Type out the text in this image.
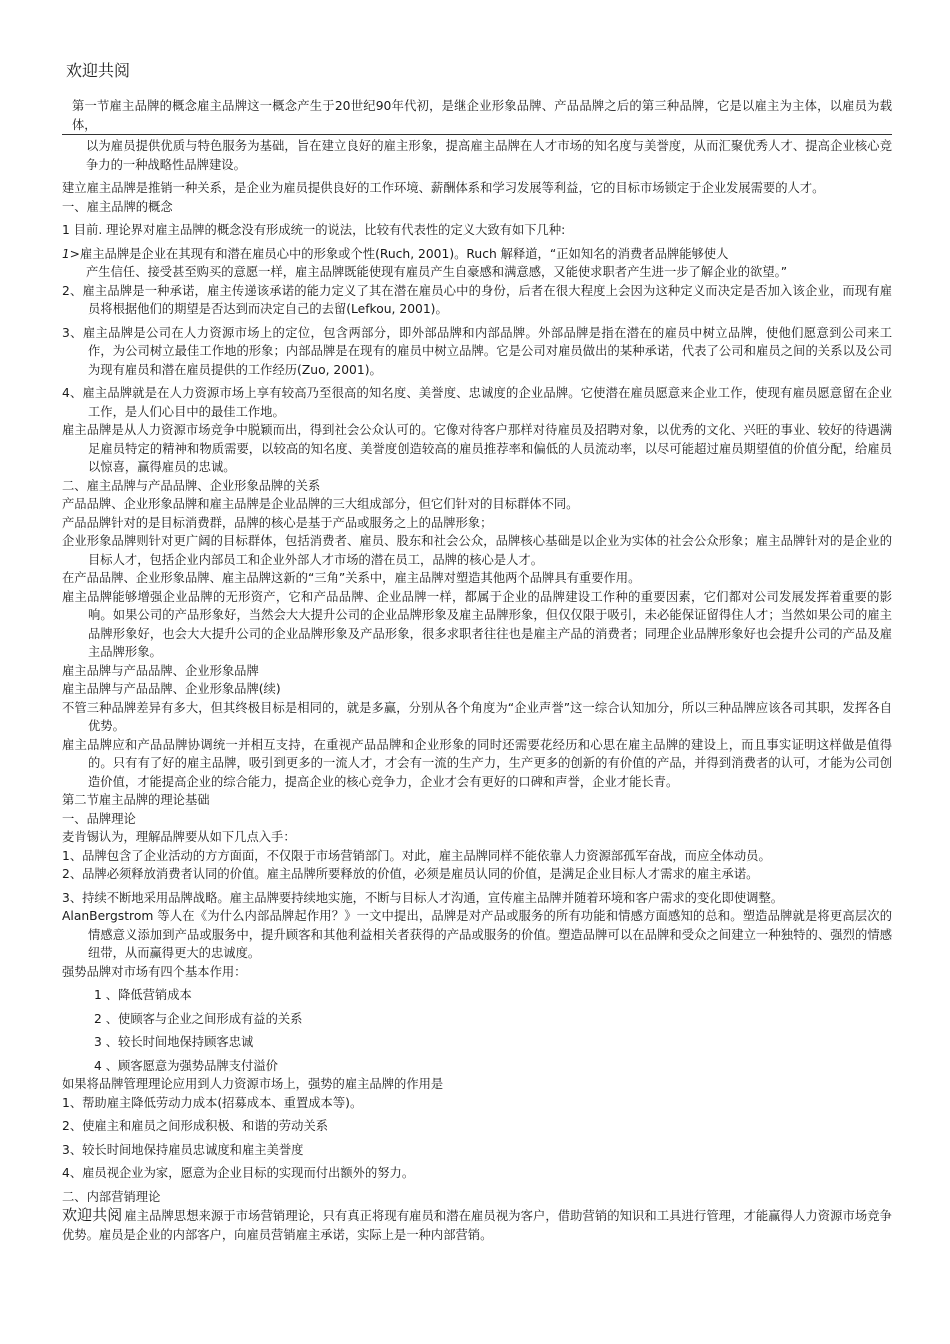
欢迎共阅

第一节雇主品牌的概念雇主品牌这一概念产生于20世纪90年代初，是继企业形象品牌、产品品牌之后的第三种品牌，它是以雇主为主体，以雇员为载体，

以为雇员提供优质与特色服务为基础，旨在建立良好的雇主形象，提高雇主品牌在人才市场的知名度与美誉度，从而汇聚优秀人才、提高企业核心竞争力的一种战略性品牌建设。

建立雇主品牌是推销一种关系，是企业为雇员提供良好的工作环境、薪酬体系和学习发展等利益，它的目标市场锁定于企业发展需要的人才。

一、雇主品牌的概念

1 目前. 理论界对雇主品牌的概念没有形成统一的说法，比较有代表性的定义大致有如下几种:

1>雇主品牌是企业在其现有和潜在雇员心中的形象或个性(Ruch, 2001)。Ruch 解释道，“正如知名的消费者品牌能够使人

产生信任、接受甚至购买的意愿一样，雇主品牌既能使现有雇员产生自豪感和满意感，又能使求职者产生进一步了解企业的欲望。”

2、雇主品牌是一种承诺，雇主传递该承诺的能力定义了其在潜在雇员心中的身份，后者在很大程度上会因为这种定义而决定是否加入该企业，而现有雇员将根据他们的期望是否达到而决定自己的去留(Lefkou, 2001)。

3、雇主品牌是公司在人力资源市场上的定位，包含两部分，即外部品牌和内部品牌。外部品牌是指在潜在的雇员中树立品牌，使他们愿意到公司来工作，为公司树立最佳工作地的形象；内部品牌是在现有的雇员中树立品牌。它是公司对雇员做出的某种承诺，代表了公司和雇员之间的关系以及公司为现有雇员和潜在雇员提供的工作经历(Zuo, 2001)。

4、雇主品牌就是在人力资源市场上享有较高乃至很高的知名度、美誉度、忠诚度的企业品牌。它使潜在雇员愿意来企业工作，使现有雇员愿意留在企业工作，是人们心目中的最佳工作地。

雇主品牌是从人力资源市场竞争中脱颖而出，得到社会公众认可的。它像对待客户那样对待雇员及招聘对象，以优秀的文化、兴旺的事业、较好的待遇满足雇员特定的精神和物质需要，以较高的知名度、美誉度创造较高的雇员推荐率和偏低的人员流动率，以尽可能超过雇员期望值的价值分配，给雇员以惊喜，赢得雇员的忠诚。

二、雇主品牌与产品品牌、企业形象品牌的关系

产品品牌、企业形象品牌和雇主品牌是企业品牌的三大组成部分，但它们针对的目标群体不同。

产品品牌针对的是目标消费群，品牌的核心是基于产品或服务之上的品牌形象；

企业形象品牌则针对更广阔的目标群体，包括消费者、雇员、股东和社会公众，品牌核心基础是以企业为实体的社会公众形象；雇主品牌针对的是企业的目标人才，包括企业内部员工和企业外部人才市场的潜在员工，品牌的核心是人才。

在产品品牌、企业形象品牌、雇主品牌这新的“三角”关系中，雇主品牌对塑造其他两个品牌具有重要作用。

雇主品牌能够增强企业品牌的无形资产，它和产品品牌、企业品牌一样，都属于企业的品牌建设工作种的重要因素，它们都对公司发展发挥着重要的影响。如果公司的产品形象好，当然会大大提升公司的企业品牌形象及雇主品牌形象，但仅仅限于吸引，未必能保证留得住人才；当然如果公司的雇主品牌形象好，也会大大提升公司的企业品牌形象及产品形象，很多求职者往往也是雇主产品的消费者；同理企业品牌形象好也会提升公司的产品及雇主品牌形象。

雇主品牌与产品品牌、企业形象品牌

雇主品牌与产品品牌、企业形象品牌(续)

不管三种品牌差异有多大，但其终极目标是相同的，就是多赢，分别从各个角度为“企业声誉”这一综合认知加分，所以三种品牌应该各司其职，发挥各自优势。

雇主品牌应和产品品牌协调统一并相互支持，在重视产品品牌和企业形象的同时还需要花经历和心思在雇主品牌的建设上，而且事实证明这样做是值得的。只有有了好的雇主品牌，吸引到更多的一流人才，才会有一流的生产力，生产更多的创新的有价值的产品，并得到消费者的认可，才能为公司创造价值，才能提高企业的综合能力，提高企业的核心竞争力，企业才会有更好的口碑和声誉，企业才能长青。

第二节雇主品牌的理论基础

一、品牌理论

麦肯锡认为，理解品牌要从如下几点入手：

1、品牌包含了企业活动的方方面面，不仅限于市场营销部门。对此，雇主品牌同样不能依靠人力资源部孤军奋战，而应全体动员。

2、品牌必须释放消费者认同的价值。雇主品牌所要释放的价值，必须是雇员认同的价值，是满足企业目标人才需求的雇主承诺。

3、持续不断地采用品牌战略。雇主品牌要持续地实施，不断与目标人才沟通，宣传雇主品牌并随着环境和客户需求的变化即使调整。

AlanBergstrom 等人在《为什么内部品牌起作用？》一文中提出，品牌是对产品或服务的所有功能和情感方面感知的总和。塑造品牌就是将更高层次的情感意义添加到产品或服务中，提升顾客和其他利益相关者获得的产品或服务的价值。塑造品牌可以在品牌和受众之间建立一种独特的、强烈的情感纽带，从而赢得更大的忠诚度。

强势品牌对市场有四个基本作用：

1 、降低营销成本

2 、使顾客与企业之间形成有益的关系

3 、较长时间地保持顾客忠诚

4 、顾客愿意为强势品牌支付溢价

如果将品牌管理理论应用到人力资源市场上，强势的雇主品牌的作用是

1、帮助雇主降低劳动力成本(招募成本、重置成本等)。

2、使雇主和雇员之间形成积极、和谐的劳动关系

3、较长时间地保持雇员忠诚度和雇主美誉度

4、雇员视企业为家，愿意为企业目标的实现而付出额外的努力。

二、内部营销理论

欢迎共阅 雇主品牌思想来源于市场营销理论，只有真正将现有雇员和潜在雇员视为客户，借助营销的知识和工具进行管理，才能赢得人力资源市场竞争优势。雇员是企业的内部客户，向雇员营销雇主承诺，实际上是一种内部营销。
